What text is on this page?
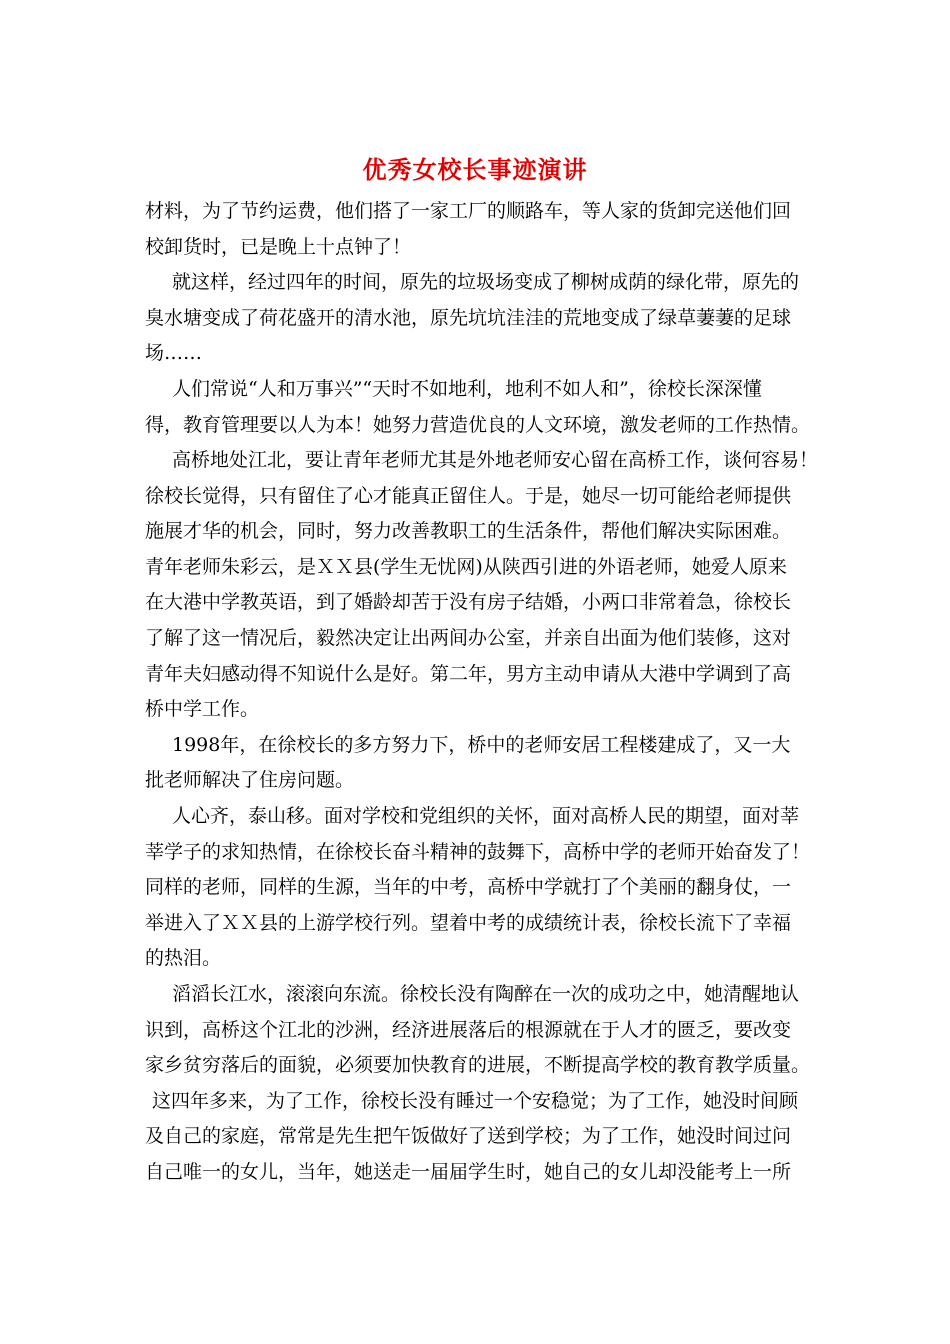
优秀女校长事迹演讲
材料，为了节约运费，他们搭了一家工厂的顺路车，等人家的货卸完送他们回
校卸货时，已是晚上十点钟了！
就这样，经过四年的时间，原先的垃圾场变成了柳树成荫的绿化带，原先的
臭水塘变成了荷花盛开的清水池，原先坑坑洼洼的荒地变成了绿草萋萋的足球
场……
人们常说“人和万事兴”“天时不如地利，地利不如人和”，徐校长深深懂
得，教育管理要以人为本！她努力营造优良的人文环境，激发老师的工作热情。
高桥地处江北，要让青年老师尤其是外地老师安心留在高桥工作，谈何容易！
徐校长觉得，只有留住了心才能真正留住人。于是，她尽一切可能给老师提供
施展才华的机会，同时，努力改善教职工的生活条件，帮他们解决实际困难。
青年老师朱彩云，是ＸＸ县(学生无忧网)从陕西引进的外语老师，她爱人原来
在大港中学教英语，到了婚龄却苦于没有房子结婚，小两口非常着急，徐校长
了解了这一情况后，毅然决定让出两间办公室，并亲自出面为他们装修，这对
青年夫妇感动得不知说什么是好。第二年，男方主动申请从大港中学调到了高
桥中学工作。
1998年，在徐校长的多方努力下，桥中的老师安居工程楼建成了，又一大
批老师解决了住房问题。
人心齐，泰山移。面对学校和党组织的关怀，面对高桥人民的期望，面对莘
莘学子的求知热情，在徐校长奋斗精神的鼓舞下，高桥中学的老师开始奋发了！
同样的老师，同样的生源，当年的中考，高桥中学就打了个美丽的翻身仗，一
举进入了ＸＸ县的上游学校行列。望着中考的成绩统计表，徐校长流下了幸福
的热泪。
滔滔长江水，滚滚向东流。徐校长没有陶醉在一次的成功之中，她清醒地认
识到，高桥这个江北的沙洲，经济进展落后的根源就在于人才的匮乏，要改变
家乡贫穷落后的面貌，必须要加快教育的进展，不断提高学校的教育教学质量。
这四年多来，为了工作，徐校长没有睡过一个安稳觉；为了工作，她没时间顾
及自己的家庭，常常是先生把午饭做好了送到学校；为了工作，她没时间过问
自己唯一的女儿，当年，她送走一届届学生时，她自己的女儿却没能考上一所
